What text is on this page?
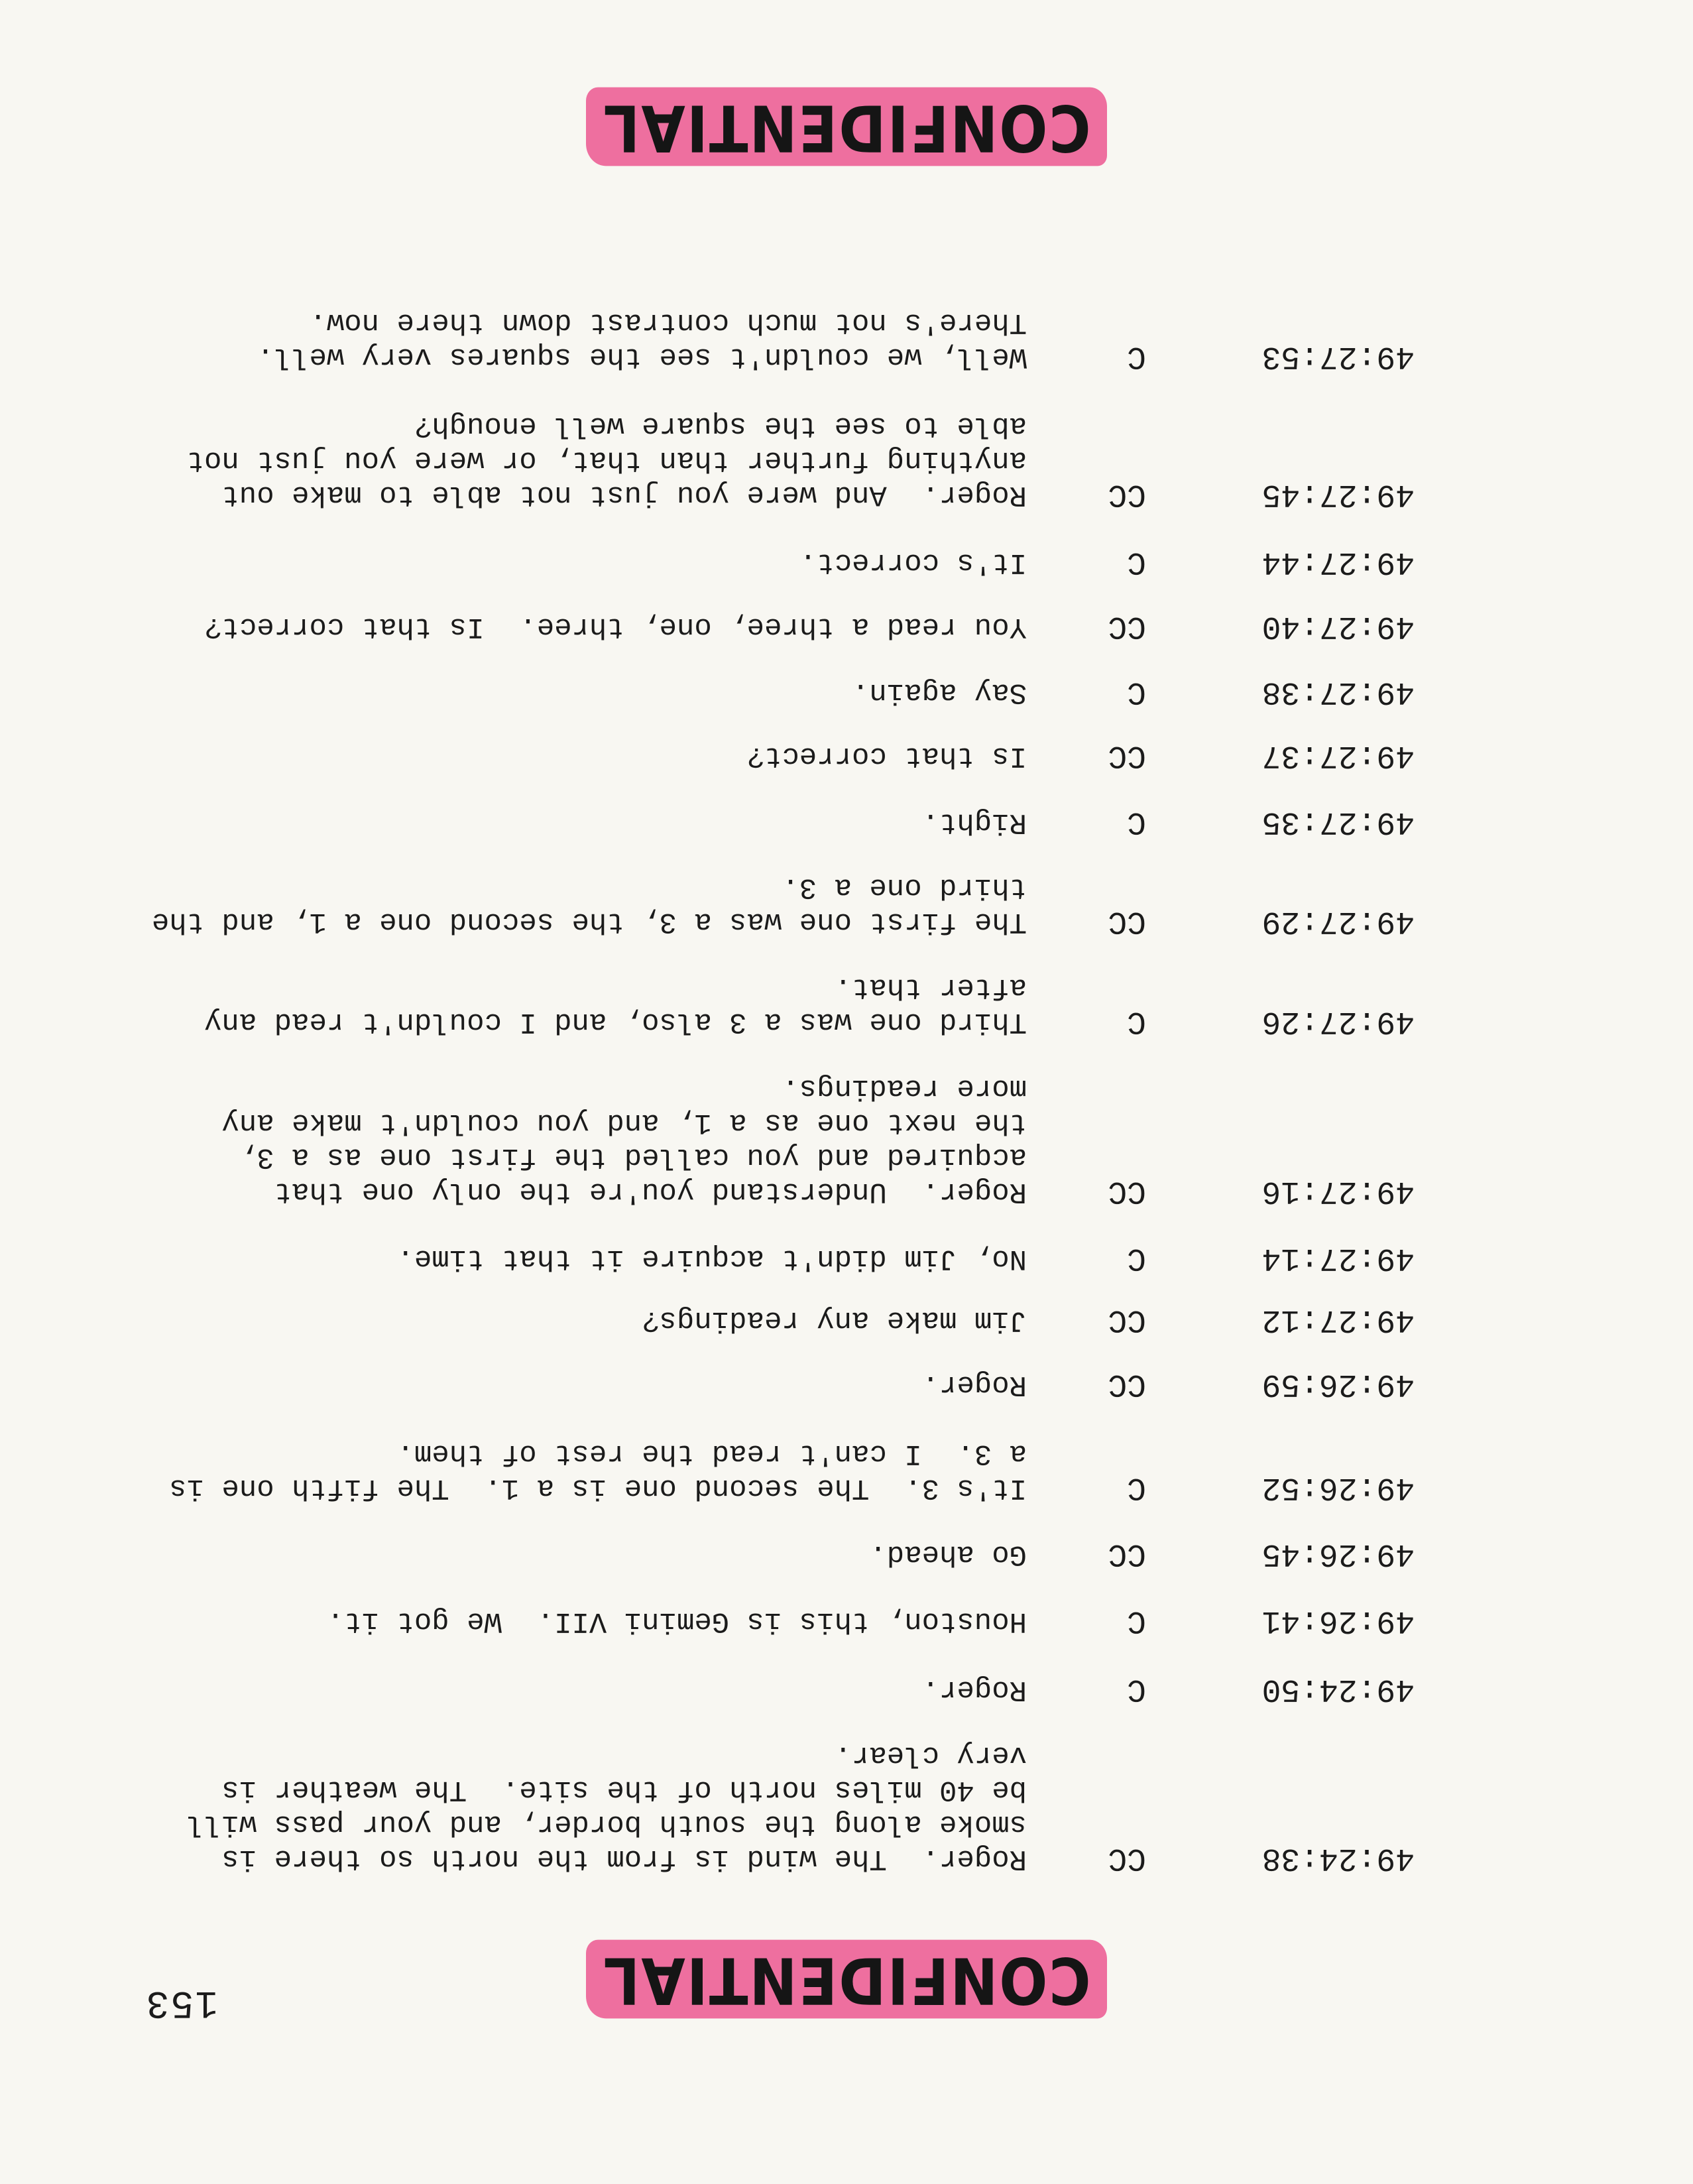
153	CONFIDENTIAL
49:24:38
CC
Roger.  The wind is from the north so there is
smoke along the south border, and your pass will
be 40 miles north of the site.  The weather is
very clear.
49:24:50
C
Roger.
49:26:41
C
Houston, this is Gemini VII.  We got it.
49:26:45
CC
Go ahead.
49:26:52
C
It's 3.  The second one is a 1.  The fifth one is
a 3.  I can't read the rest of them.
49:26:59
CC
Roger.
49:27:12
CC
Jim make any readings?
49:27:14
C
No, Jim didn't acquire it that time.
49:27:16
CC
Roger.  Understand you're the only one that
acquired and you called the first one as a 3,
the next one as a 1, and you couldn't make any
more readings.
49:27:26
C
Third one was a 3 also, and I couldn't read any
after that.
49:27:29
CC
The first one was a 3, the second one a 1, and the
third one a 3.
49:27:35
C
Right.
49:27:37
CC
Is that correct?
49:27:38
C
Say again.
49:27:40
CC
You read a three, one, three.  Is that correct?
49:27:44
C
It's correct.
49:27:45
CC
Roger.  And were you just not able to make out
anything further than that, or were you just not
able to see the square well enough?
49:27:53
C
Well, we couldn't see the squares very well.
There's not much contrast down there now.
CONFIDENTIAL
